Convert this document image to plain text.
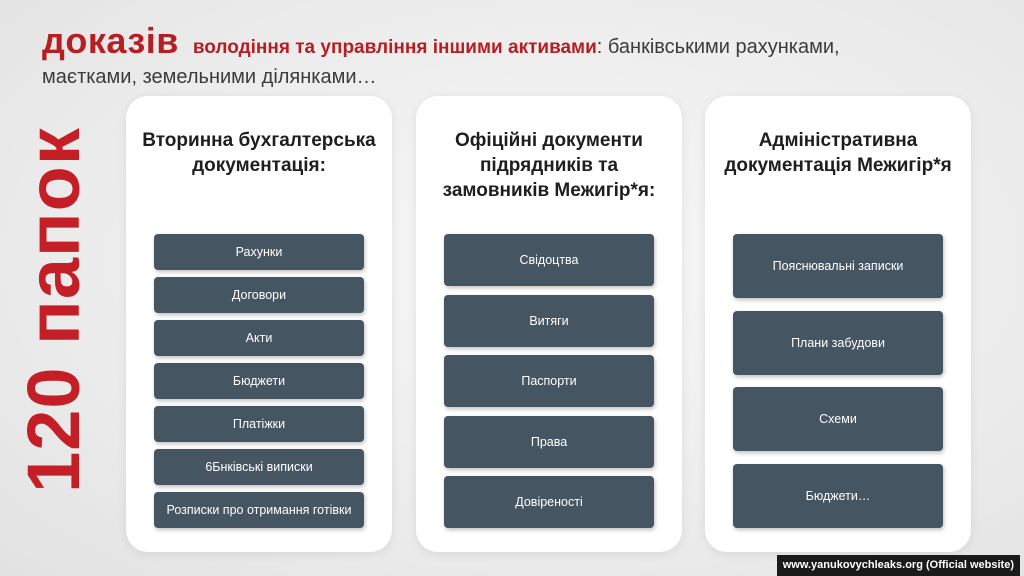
доказів володіння та управління іншими активами : банківськими рахунками,
маєтками, земельними ділянками…
120 папок	Вторинна бухгалтерська документація:
Рахунки
Договори
Акти
Бюджети
Платіжки
6Бнківські виписки
Розписки про отримання готівки
Офіційні документи підрядників та замовників Межигір*я:
Свідоцтва
Витяги
Паспорти
Права
Довіреності
Адміністративна документація Межигір*я
Пояснювальні записки
Плани забудови
Схеми
Бюджети…
www.yanukovychleaks.org (Official website)
